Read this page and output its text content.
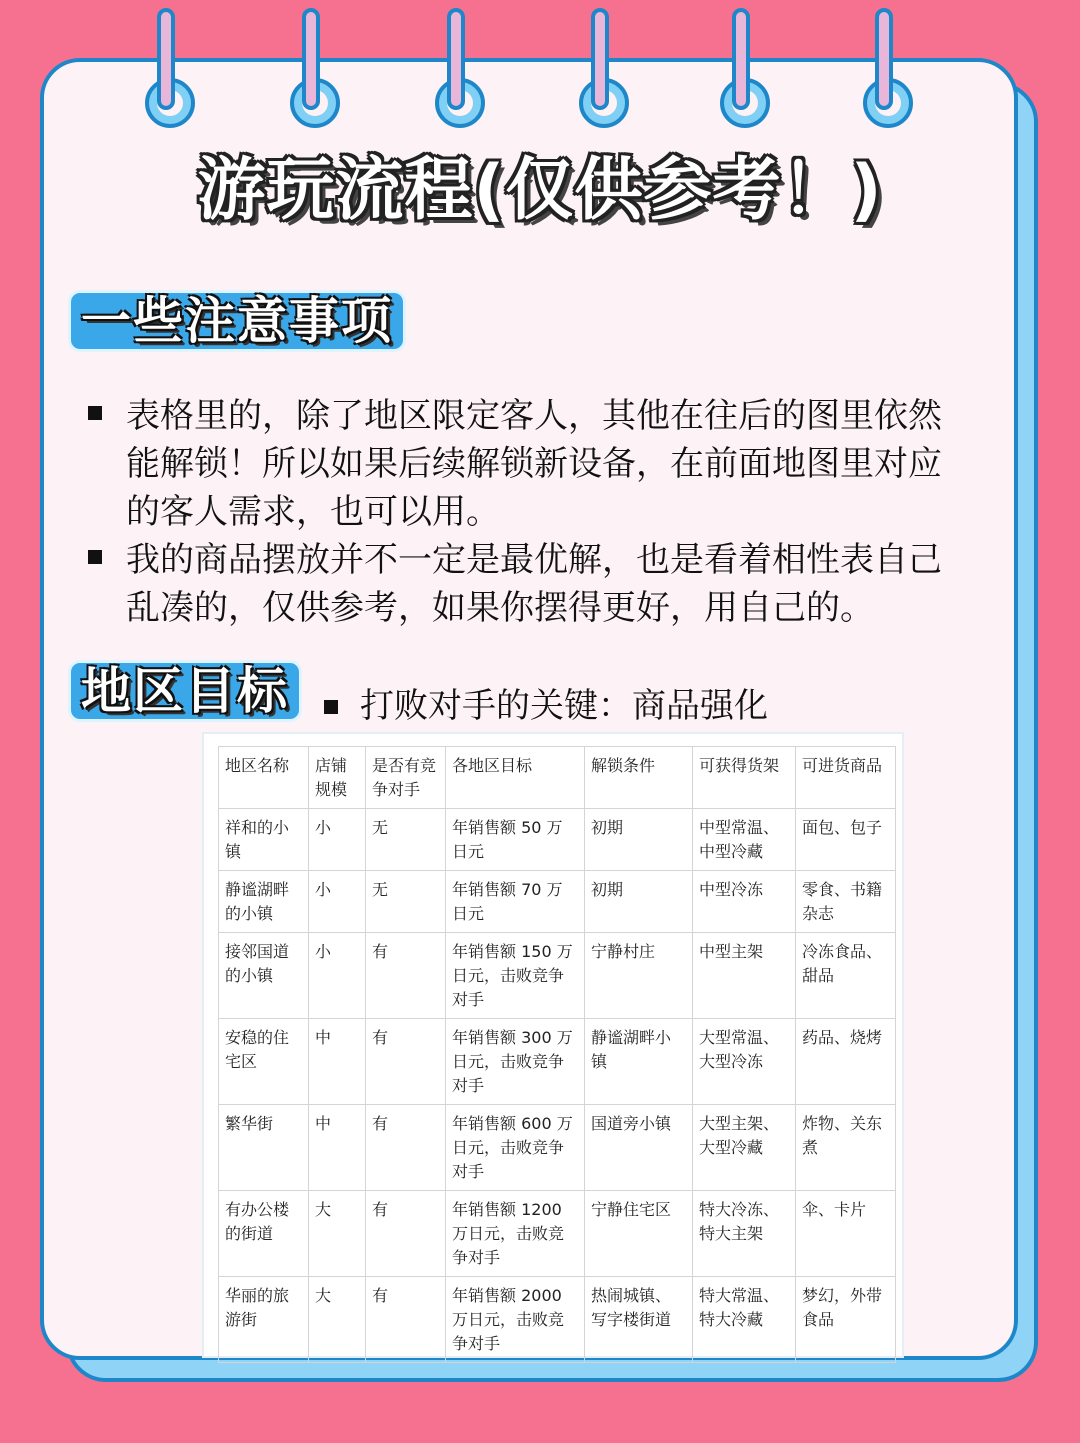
游玩流程(仅供参考！)
一些注意事项
表格里的，除了地区限定客人，其他在往后的图里依然能解锁！所以如果后续解锁新设备，在前面地图里对应的客人需求，也可以用。
我的商品摆放并不一定是最优解，也是看着相性表自己乱凑的，仅供参考，如果你摆得更好，用自己的。
地区目标	打败对手的关键：商品强化
地区名称	店铺规模	是否有竞争对手	各地区目标	解锁条件	可获得货架	可进货商品
祥和的小镇	小	无	年销售额 50 万日元	初期	中型常温、中型冷藏	面包、包子
静谧湖畔的小镇	小	无	年销售额 70 万日元	初期	中型冷冻	零食、书籍杂志
接邻国道的小镇	小	有	年销售额 150 万日元，击败竞争对手	宁静村庄	中型主架	冷冻食品、甜品
安稳的住宅区	中	有	年销售额 300 万日元，击败竞争对手	静谧湖畔小镇	大型常温、大型冷冻	药品、烧烤
繁华街	中	有	年销售额 600 万日元，击败竞争对手	国道旁小镇	大型主架、大型冷藏	炸物、关东煮
有办公楼的街道	大	有	年销售额 1200 万日元，击败竞争对手	宁静住宅区	特大冷冻、特大主架	伞、卡片
华丽的旅游街	大	有	年销售额 2000 万日元，击败竞争对手	热闹城镇、写字楼街道	特大常温、特大冷藏	梦幻，外带食品
